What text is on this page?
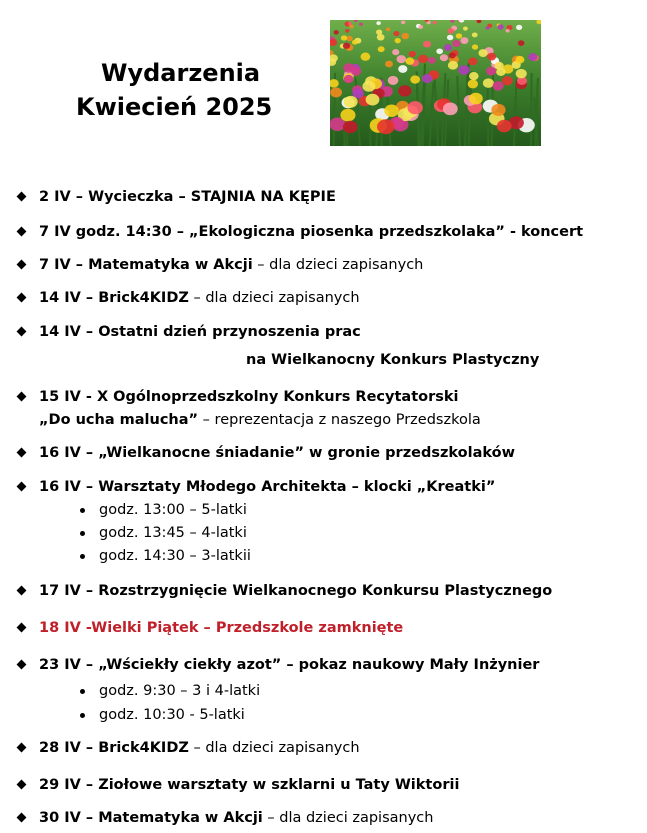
Wydarzenia
Kwiecień 2025
2 IV – Wycieczka – STAJNIA NA KĘPIE
7 IV godz. 14:30 – „Ekologiczna piosenka przedszkolaka” - koncert
7 IV – Matematyka w Akcji – dla dzieci zapisanych
14 IV – Brick4KIDZ – dla dzieci zapisanych
14 IV – Ostatni dzień przynoszenia prac
na Wielkanocny Konkurs Plastyczny
15 IV - X Ogólnoprzedszkolny Konkurs Recytatorski
„Do ucha malucha” – reprezentacja z naszego Przedszkola
16 IV – „Wielkanocne śniadanie” w gronie przedszkolaków
16 IV – Warsztaty Młodego Architekta – klocki „Kreatki”
godz. 13:00 – 5-latki
godz. 13:45 – 4-latki
godz. 14:30 – 3-latkii
17 IV – Rozstrzygnięcie Wielkanocnego Konkursu Plastycznego
18 IV -Wielki Piątek – Przedszkole zamknięte
23 IV – „Wściekły ciekły azot” – pokaz naukowy Mały Inżynier
godz. 9:30 – 3 i 4-latki
godz. 10:30 - 5-latki
28 IV – Brick4KIDZ – dla dzieci zapisanych
29 IV – Ziołowe warsztaty w szklarni u Taty Wiktorii
30 IV – Matematyka w Akcji – dla dzieci zapisanych
